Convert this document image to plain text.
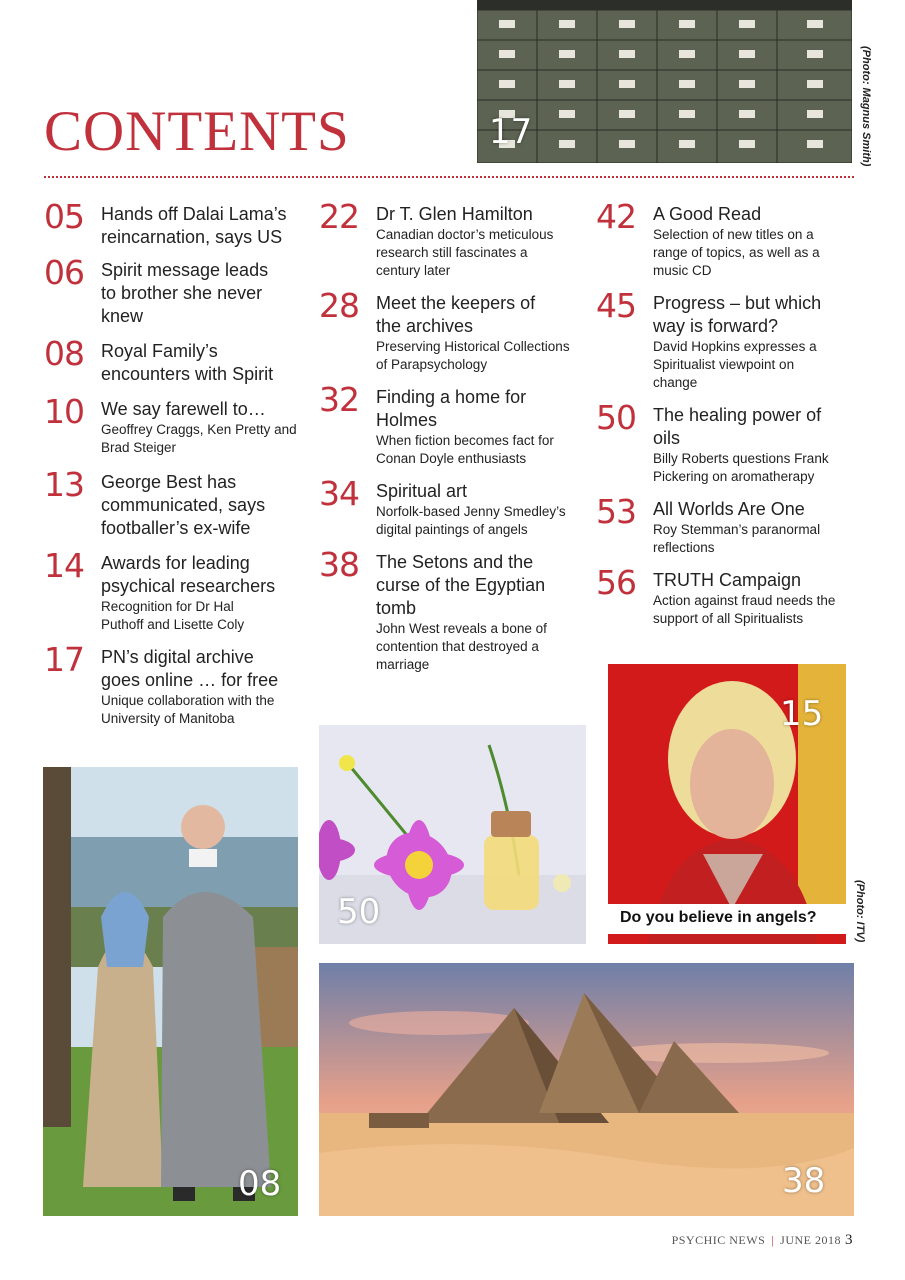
contents	17	(Photo: Magnus Smith)
05 Hands off Dalai Lama’s reincarnation, says US
06 Spirit message leads to brother she never knew
08 Royal Family’s encounters with Spirit
10 We say farewell to…
Geoffrey Craggs, Ken Pretty and Brad Steiger
13 George Best has communicated, says footballer’s ex-wife
14 Awards for leading psychical researchers
Recognition for Dr Hal Puthoff and Lisette Coly
17 PN’s digital archive goes online … for free
Unique collaboration with the University of Manitoba
22 Dr T. Glen Hamilton
Canadian doctor’s meticulous research still fascinates a century later
28 Meet the keepers of the archives
Preserving Historical Collections of Parapsychology
32 Finding a home for Holmes
When fiction becomes fact for Conan Doyle enthusiasts
34 Spiritual art
Norfolk-based Jenny Smedley’s digital paintings of angels
38 The Setons and the curse of the Egyptian tomb
John West reveals a bone of contention that destroyed a marriage
42 A Good Read
Selection of new titles on a range of topics, as well as a music CD
45 Progress – but which way is forward?
David Hopkins expresses a Spiritualist viewpoint on change
50 The healing power of oils
Billy Roberts questions Frank Pickering on aromatherapy
53 All Worlds Are One
Roy Stemman’s paranormal reflections
56 TRUTH Campaign
Action against fraud needs the support of all Spiritualists
08
50
15
Do you believe in angels?	(Photo: ITV)
38
PSYCHIC NEWS | JUNE 2018 3
